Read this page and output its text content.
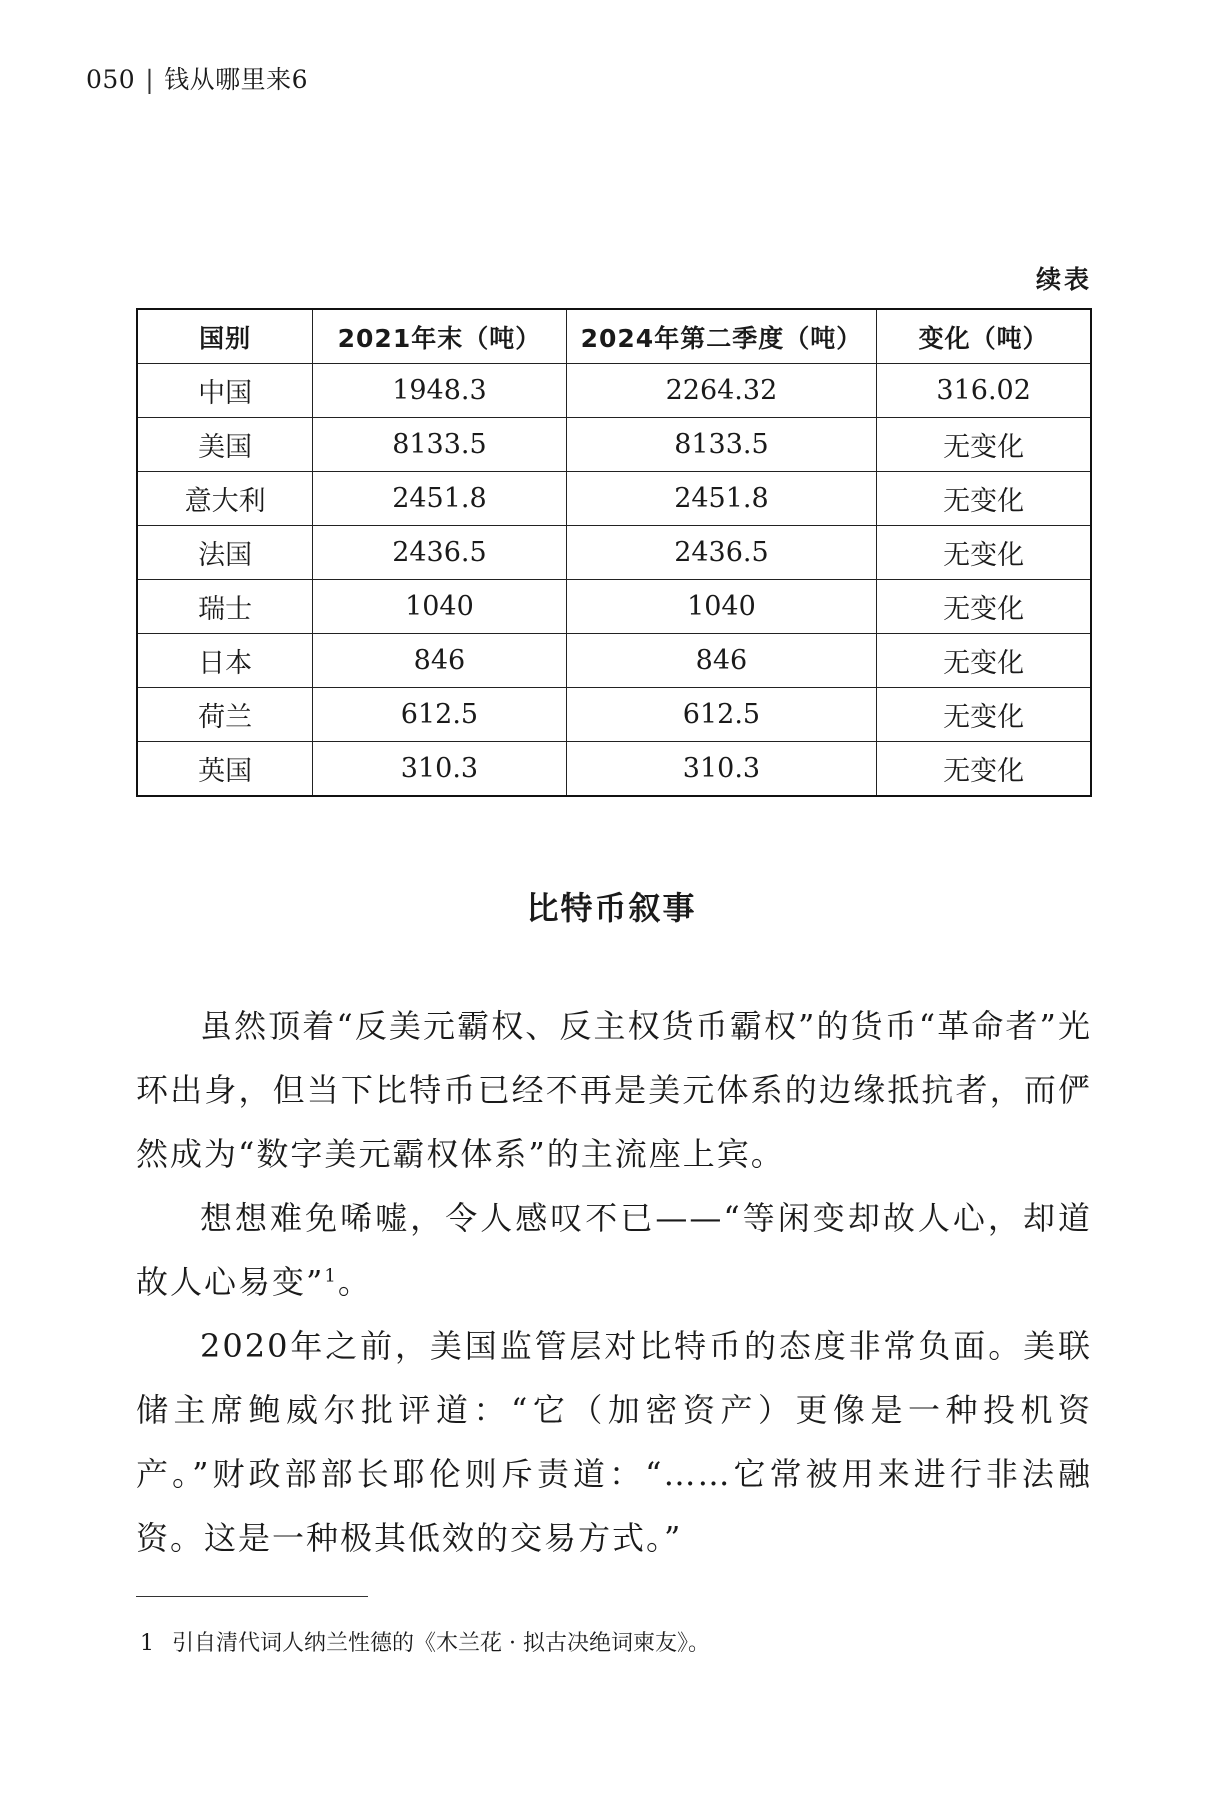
050 | 钱从哪里来6
续表
国别	2021年末（吨）	2024年第二季度（吨）	变化（吨）
中国	1948.3	2264.32	316.02
美国	8133.5	8133.5	无变化
意大利	2451.8	2451.8	无变化
法国	2436.5	2436.5	无变化
瑞士	1040	1040	无变化
日本	846	846	无变化
荷兰	612.5	612.5	无变化
英国	310.3	310.3	无变化
比特币叙事

虽然顶着“反美元霸权、反主权货币霸权”的货币“革命者”光环出身，但当下比特币已经不再是美元体系的边缘抵抗者，而俨然成为“数字美元霸权体系”的主流座上宾。

想想难免唏嘘，令人感叹不已——“等闲变却故人心，却道故人心易变”$^1$。

2020年之前，美国监管层对比特币的态度非常负面。美联储主席鲍威尔批评道：“它（加密资产）更像是一种投机资产。”财政部部长耶伦则斥责道：“……它常被用来进行非法融资。这是一种极其低效的交易方式。”

1 引自清代词人纳兰性德的《木兰花 · 拟古决绝词柬友》。
